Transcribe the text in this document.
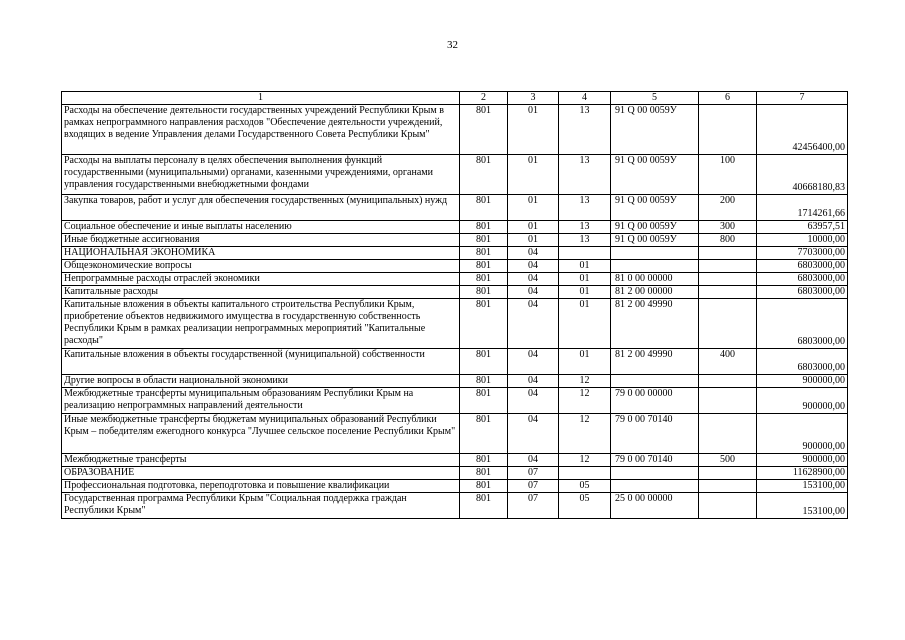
32
1	2	3	4	5	6	7
Расходы на обеспечение деятельности государственных учреждений Республики Крым в рамках непрограммного направления расходов "Обеспечение деятельности учреждений, входящих в ведение Управления делами Государственного Совета Республики Крым"	801	01	13	91 Q 00 0059У		42456400,00
Расходы на выплаты персоналу в целях обеспечения выполнения функций государственными (муниципальными) органами, казенными учреждениями, органами управления государственными внебюджетными фондами	801	01	13	91 Q 00 0059У	100	40668180,83
Закупка товаров, работ и услуг для обеспечения государственных (муниципальных) нужд	801	01	13	91 Q 00 0059У	200	1714261,66
Социальное обеспечение и иные выплаты населению	801	01	13	91 Q 00 0059У	300	63957,51
Иные бюджетные ассигнования	801	01	13	91 Q 00 0059У	800	10000,00
НАЦИОНАЛЬНАЯ ЭКОНОМИКА	801	04				7703000,00
Общеэкономические вопросы	801	04	01			6803000,00
Непрограммные расходы отраслей экономики	801	04	01	81 0 00 00000		6803000,00
Капитальные расходы	801	04	01	81 2 00 00000		6803000,00
Капитальные вложения в объекты капитального строительства Республики Крым, приобретение объектов недвижимого имущества в государственную собственность Республики Крым в рамках реализации непрограммных мероприятий "Капитальные расходы"	801	04	01	81 2 00 49990		6803000,00
Капитальные вложения в объекты государственной (муниципальной) собственности	801	04	01	81 2 00 49990	400	6803000,00
Другие вопросы в области национальной экономики	801	04	12			900000,00
Межбюджетные трансферты муниципальным образованиям Республики Крым на реализацию непрограммных направлений деятельности	801	04	12	79 0 00 00000		900000,00
Иные межбюджетные трансферты бюджетам муниципальных образований Республики Крым – победителям ежегодного конкурса "Лучшее сельское поселение Республики Крым"	801	04	12	79 0 00 70140		900000,00
Межбюджетные трансферты	801	04	12	79 0 00 70140	500	900000,00
ОБРАЗОВАНИЕ	801	07				11628900,00
Профессиональная подготовка, переподготовка и повышение квалификации	801	07	05			153100,00
Государственная программа Республики Крым "Социальная поддержка граждан Республики Крым"	801	07	05	25 0 00 00000		153100,00
